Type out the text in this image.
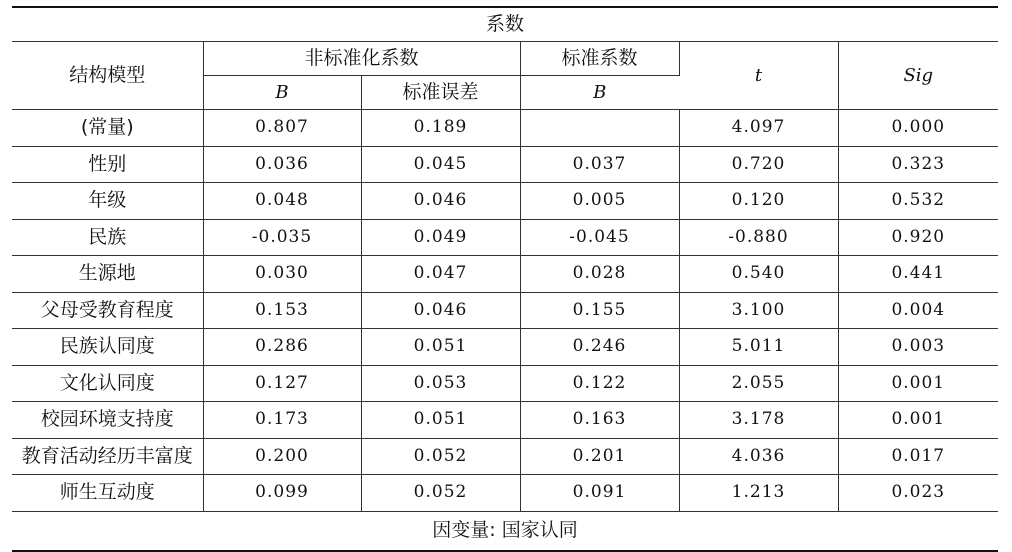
系数					
结构模型	非标准化系数		标准系数	t	Sig
	B	标准误差	B		
(常量)	0.807	0.189		4.097	0.000
性别	0.036	0.045	0.037	0.720	0.323
年级	0.048	0.046	0.005	0.120	0.532
民族	-0.035	0.049	-0.045	-0.880	0.920
生源地	0.030	0.047	0.028	0.540	0.441
父母受教育程度	0.153	0.046	0.155	3.100	0.004
民族认同度	0.286	0.051	0.246	5.011	0.003
文化认同度	0.127	0.053	0.122	2.055	0.001
校园环境支持度	0.173	0.051	0.163	3.178	0.001
教育活动经历丰富度	0.200	0.052	0.201	4.036	0.017
师生互动度	0.099	0.052	0.091	1.213	0.023
因变量: 国家认同					
